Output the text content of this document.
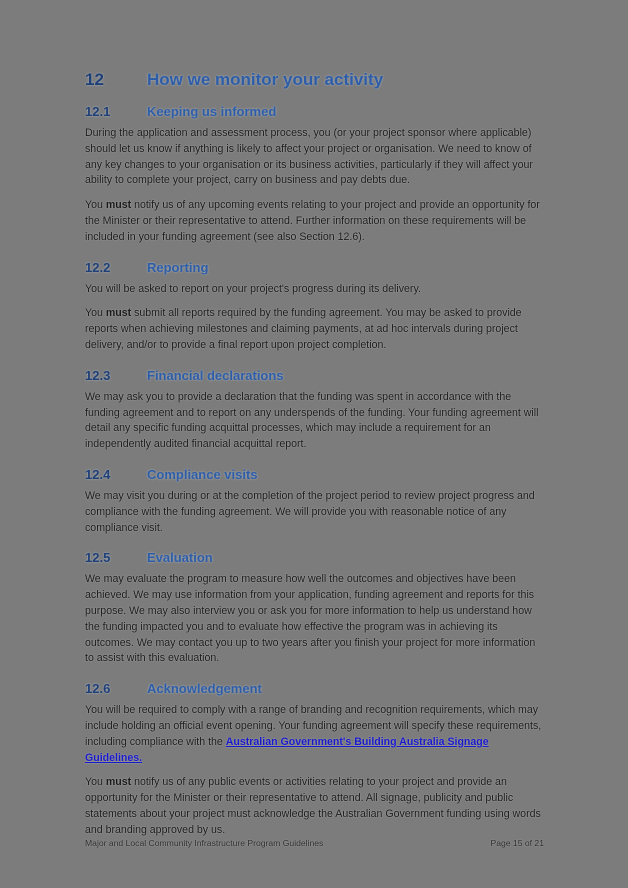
12	How we monitor your activity
12.1	Keeping us informed

During the application and assessment process, you (or your project sponsor where applicable) should let us know if anything is likely to affect your project or organisation. We need to know of any key changes to your organisation or its business activities, particularly if they will affect your ability to complete your project, carry on business and pay debts due.

You must notify us of any upcoming events relating to your project and provide an opportunity for the Minister or their representative to attend. Further information on these requirements will be included in your funding agreement (see also Section 12.6).

12.2	Reporting

You will be asked to report on your project's progress during its delivery.

You must submit all reports required by the funding agreement. You may be asked to provide reports when achieving milestones and claiming payments, at ad hoc intervals during project delivery, and/or to provide a final report upon project completion.

12.3	Financial declarations

We may ask you to provide a declaration that the funding was spent in accordance with the funding agreement and to report on any underspends of the funding. Your funding agreement will detail any specific funding acquittal processes, which may include a requirement for an independently audited financial acquittal report.

12.4	Compliance visits

We may visit you during or at the completion of the project period to review project progress and compliance with the funding agreement. We will provide you with reasonable notice of any compliance visit.

12.5	Evaluation

We may evaluate the program to measure how well the outcomes and objectives have been achieved. We may use information from your application, funding agreement and reports for this purpose. We may also interview you or ask you for more information to help us understand how the funding impacted you and to evaluate how effective the program was in achieving its outcomes. We may contact you up to two years after you finish your project for more information to assist with this evaluation.

12.6	Acknowledgement

You will be required to comply with a range of branding and recognition requirements, which may include holding an official event opening. Your funding agreement will specify these requirements, including compliance with the Australian Government's Building Australia Signage Guidelines.

You must notify us of any public events or activities relating to your project and provide an opportunity for the Minister or their representative to attend. All signage, publicity and public statements about your project must acknowledge the Australian Government funding using words and branding approved by us.

Major and Local Community Infrastructure Program Guidelines	Page 15 of 21
